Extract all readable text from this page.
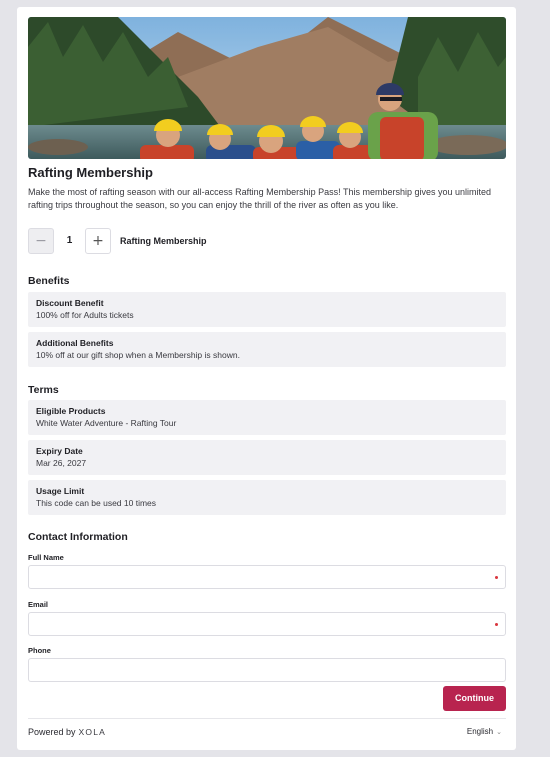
Rafting Membership
Make the most of rafting season with our all-access Rafting Membership Pass! This membership gives you unlimited rafting trips throughout the season, so you can enjoy the thrill of the river as often as you like.
−	1	+	Rafting Membership
Benefits
Discount Benefit
100% off for Adults tickets
Additional Benefits
10% off at our gift shop when a Membership is shown.
Terms
Eligible Products
White Water Adventure - Rafting Tour
Expiry Date
Mar 26, 2027
Usage Limit
This code can be used 10 times
Contact Information
Full Name
Email
Phone
Continue
Powered by XOLA	English ⌄
